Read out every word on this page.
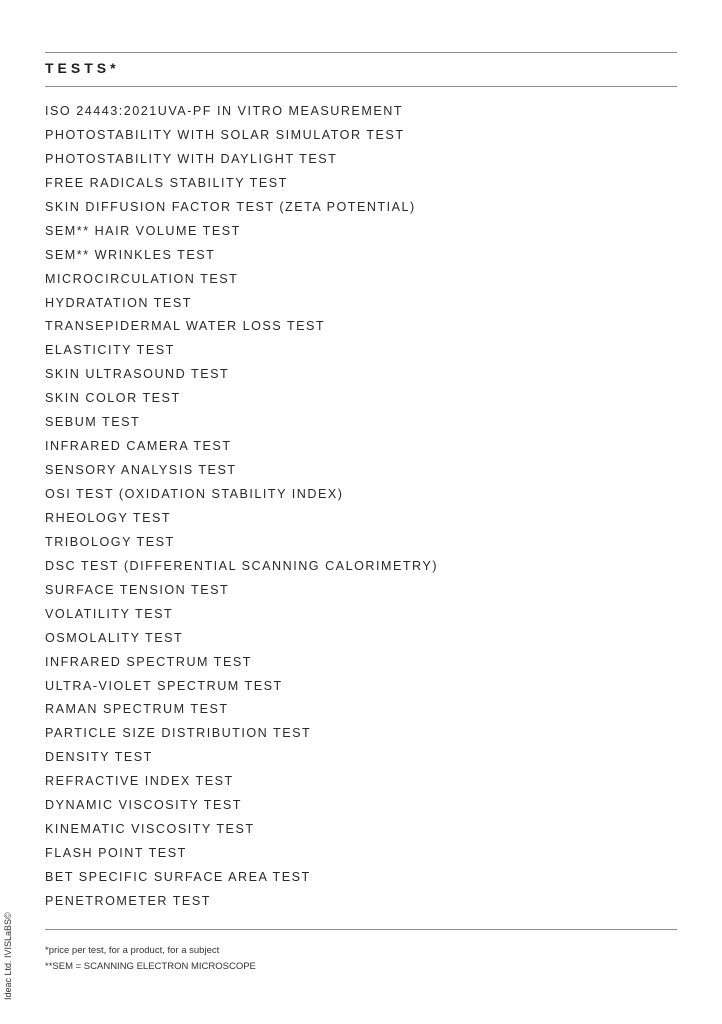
TESTS*
ISO 24443:2021UVA-PF IN VITRO MEASUREMENT
PHOTOSTABILITY WITH SOLAR SIMULATOR TEST
PHOTOSTABILITY WITH DAYLIGHT TEST
FREE RADICALS STABILITY TEST
SKIN DIFFUSION FACTOR TEST (ZETA POTENTIAL)
SEM** HAIR VOLUME TEST
SEM** WRINKLES TEST
MICROCIRCULATION TEST
HYDRATATION TEST
TRANSEPIDERMAL WATER LOSS TEST
ELASTICITY TEST
SKIN ULTRASOUND TEST
SKIN COLOR TEST
SEBUM TEST
INFRARED CAMERA TEST
SENSORY ANALYSIS TEST
OSI TEST (OXIDATION STABILITY INDEX)
RHEOLOGY TEST
TRIBOLOGY TEST
DSC TEST (DIFFERENTIAL SCANNING CALORIMETRY)
SURFACE TENSION TEST
VOLATILITY TEST
OSMOLALITY TEST
INFRARED SPECTRUM TEST
ULTRA-VIOLET SPECTRUM TEST
RAMAN SPECTRUM TEST
PARTICLE SIZE DISTRIBUTION TEST
DENSITY TEST
REFRACTIVE INDEX TEST
DYNAMIC VISCOSITY TEST
KINEMATIC VISCOSITY TEST
FLASH POINT TEST
BET SPECIFIC SURFACE AREA TEST
PENETROMETER TEST
*price per test, for a product, for a subject
**SEM = SCANNING ELECTRON MICROSCOPE
Ideac Ltd. IVISLaBS©
